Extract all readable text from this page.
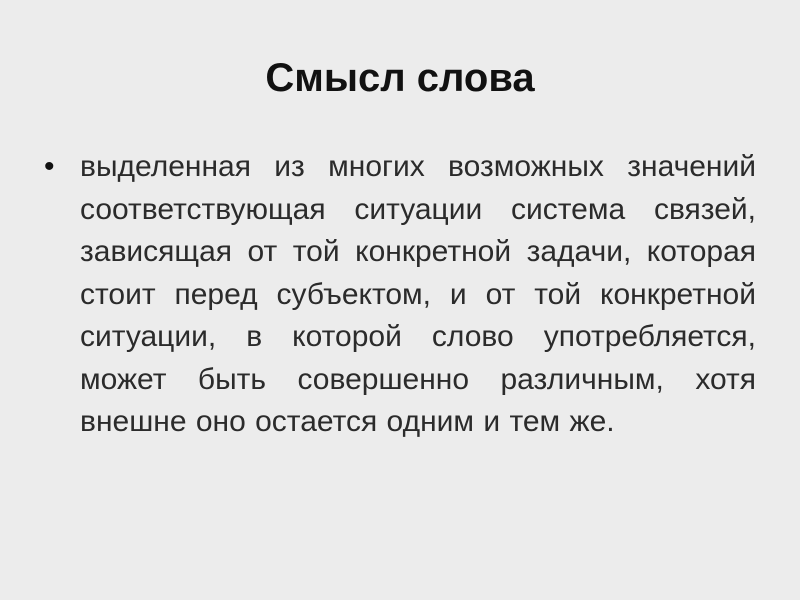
Смысл слова
• выделенная из многих возможных значений соответствующая ситуации система связей, зависящая от той конкретной задачи, которая стоит перед субъектом, и от той конкретной ситуации, в которой слово употребляется, может быть совершенно различным, хотя внешне оно остается одним и тем же.
